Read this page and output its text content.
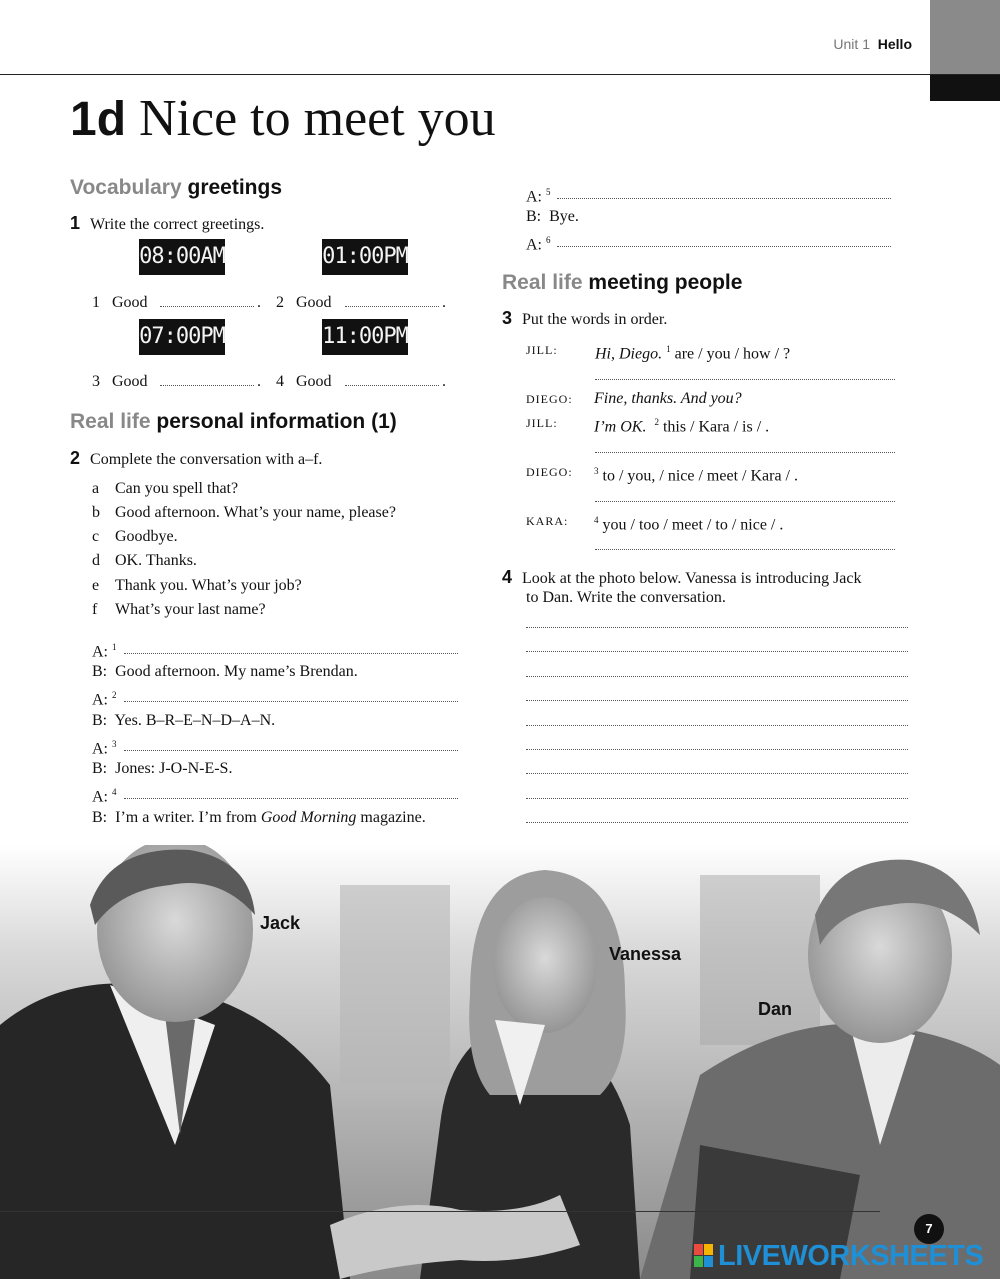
Unit 1 Hello
1d Nice to meet you
Vocabulary greetings
1 Write the correct greetings.
08:00AM	01:00PM
07:00PM	11:00PM
1 Good	. 2 Good	.
3 Good	. 4 Good	.
Real life personal information (1)
2 Complete the conversation with a–f.
a Can you spell that?
b Good afternoon. What’s your name, please?
c Goodbye.
d OK. Thanks.
e Thank you. What’s your job?
f What’s your last name?
A: $^1$
B: Good afternoon. My name’s Brendan.
A: $^2$
B: Yes. B–R–E–N–D–A–N.
A: $^3$
B: Jones: J-O-N-E-S.
A: $^4$
B: I’m a writer. I’m from Good Morning magazine.
A: $^5$
B: Bye.
A: $^6$
Real life meeting people
3 Put the words in order.
JILL: Hi, Diego. $^1$ are / you / how / ?
DIEGO: Fine, thanks. And you?
JILL: I’m OK. $^2$ this / Kara / is / .
DIEGO: $^3$ to / you, / nice / meet / Kara / .
KARA:	$^4$ you / too / meet / to / nice / .
4 Look at the photo below. Vanessa is introducing Jack
to Dan. Write the conversation.
Jack
Vanessa
Dan
7
LIVEWORKSHEETS
